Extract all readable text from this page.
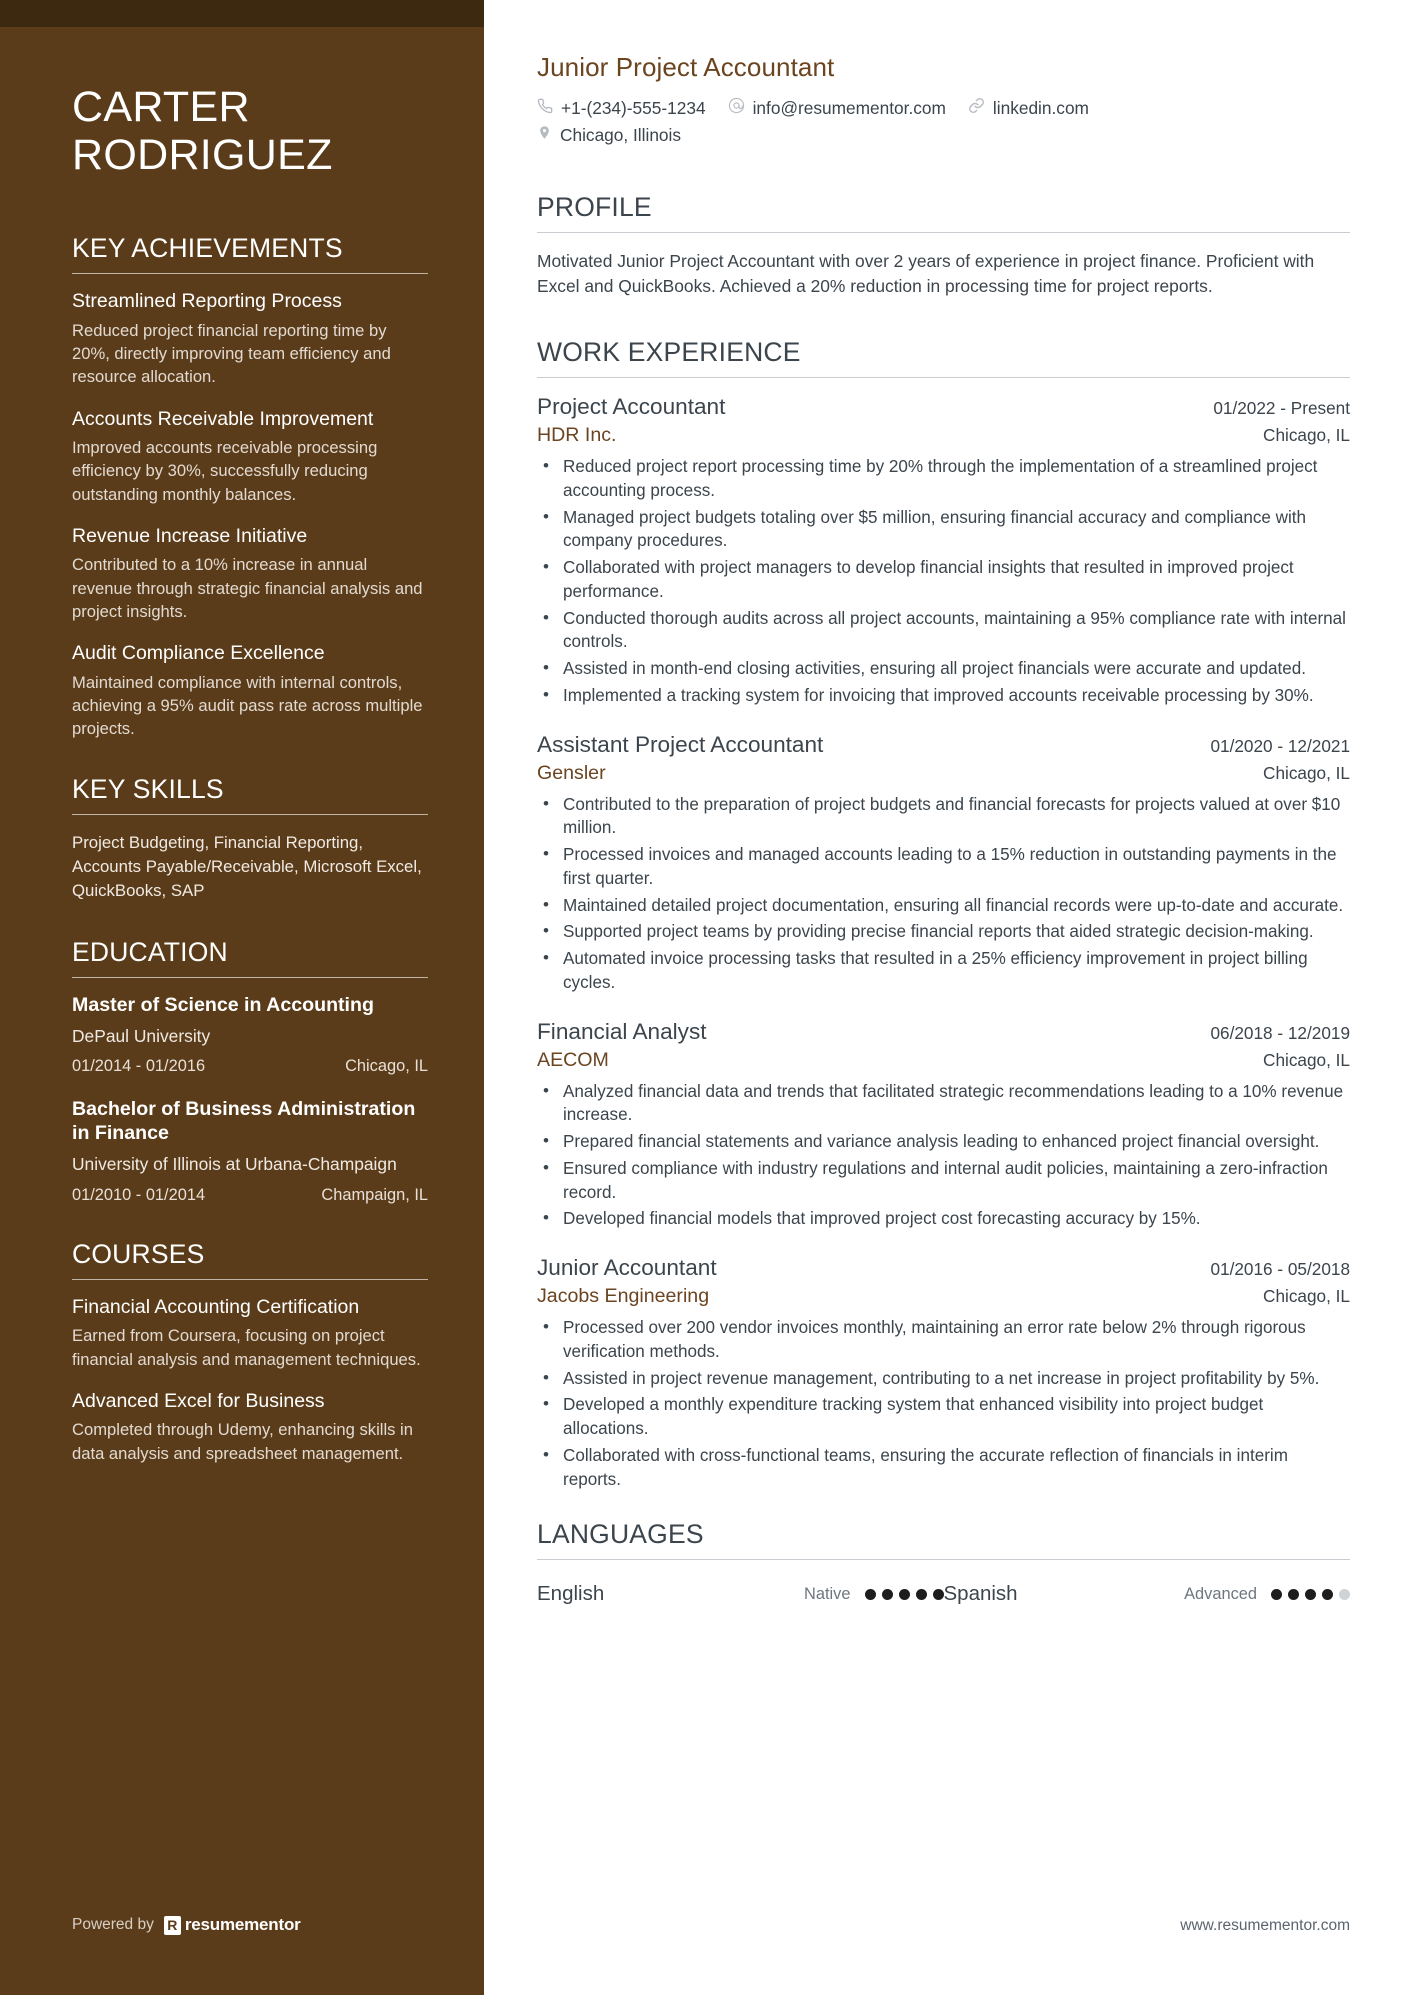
CARTER
RODRIGUEZ
KEY ACHIEVEMENTS
Streamlined Reporting Process
Reduced project financial reporting time by 20%, directly improving team efficiency and resource allocation.
Accounts Receivable Improvement
Improved accounts receivable processing efficiency by 30%, successfully reducing outstanding monthly balances.
Revenue Increase Initiative
Contributed to a 10% increase in annual revenue through strategic financial analysis and project insights.
Audit Compliance Excellence
Maintained compliance with internal controls, achieving a 95% audit pass rate across multiple projects.
KEY SKILLS
Project Budgeting, Financial Reporting, Accounts Payable/Receivable, Microsoft Excel, QuickBooks, SAP
EDUCATION
Master of Science in Accounting
DePaul University
01/2014 - 01/2016	Chicago, IL
Bachelor of Business Administration in Finance
University of Illinois at Urbana-Champaign
01/2010 - 01/2014	Champaign, IL
COURSES
Financial Accounting Certification
Earned from Coursera, focusing on project financial analysis and management techniques.
Advanced Excel for Business
Completed through Udemy, enhancing skills in data analysis and spreadsheet management.
Powered by R resumementor
Junior Project Accountant
+1-(234)-555-1234	info@resumementor.com	linkedin.com
Chicago, Illinois
PROFILE

Motivated Junior Project Accountant with over 2 years of experience in project finance. Proficient with Excel and QuickBooks. Achieved a 20% reduction in processing time for project reports.

WORK EXPERIENCE
Project Accountant	01/2022 - Present
HDR Inc.	Chicago, IL
• Reduced project report processing time by 20% through the implementation of a streamlined project accounting process.
• Managed project budgets totaling over $5 million, ensuring financial accuracy and compliance with company procedures.
• Collaborated with project managers to develop financial insights that resulted in improved project performance.
• Conducted thorough audits across all project accounts, maintaining a 95% compliance rate with internal controls.
• Assisted in month-end closing activities, ensuring all project financials were accurate and updated.
• Implemented a tracking system for invoicing that improved accounts receivable processing by 30%.
Assistant Project Accountant	01/2020 - 12/2021
Gensler	Chicago, IL
• Contributed to the preparation of project budgets and financial forecasts for projects valued at over $10 million.
• Processed invoices and managed accounts leading to a 15% reduction in outstanding payments in the first quarter.
• Maintained detailed project documentation, ensuring all financial records were up-to-date and accurate.
• Supported project teams by providing precise financial reports that aided strategic decision-making.
• Automated invoice processing tasks that resulted in a 25% efficiency improvement in project billing cycles.
Financial Analyst	06/2018 - 12/2019
AECOM	Chicago, IL
• Analyzed financial data and trends that facilitated strategic recommendations leading to a 10% revenue increase.
• Prepared financial statements and variance analysis leading to enhanced project financial oversight.
• Ensured compliance with industry regulations and internal audit policies, maintaining a zero-infraction record.
• Developed financial models that improved project cost forecasting accuracy by 15%.
Junior Accountant	01/2016 - 05/2018
Jacobs Engineering	Chicago, IL
• Processed over 200 vendor invoices monthly, maintaining an error rate below 2% through rigorous verification methods.
• Assisted in project revenue management, contributing to a net increase in project profitability by 5%.
• Developed a monthly expenditure tracking system that enhanced visibility into project budget allocations.
• Collaborated with cross-functional teams, ensuring the accurate reflection of financials in interim reports.
LANGUAGES
English	Native	Spanish	Advanced
www.resumementor.com
